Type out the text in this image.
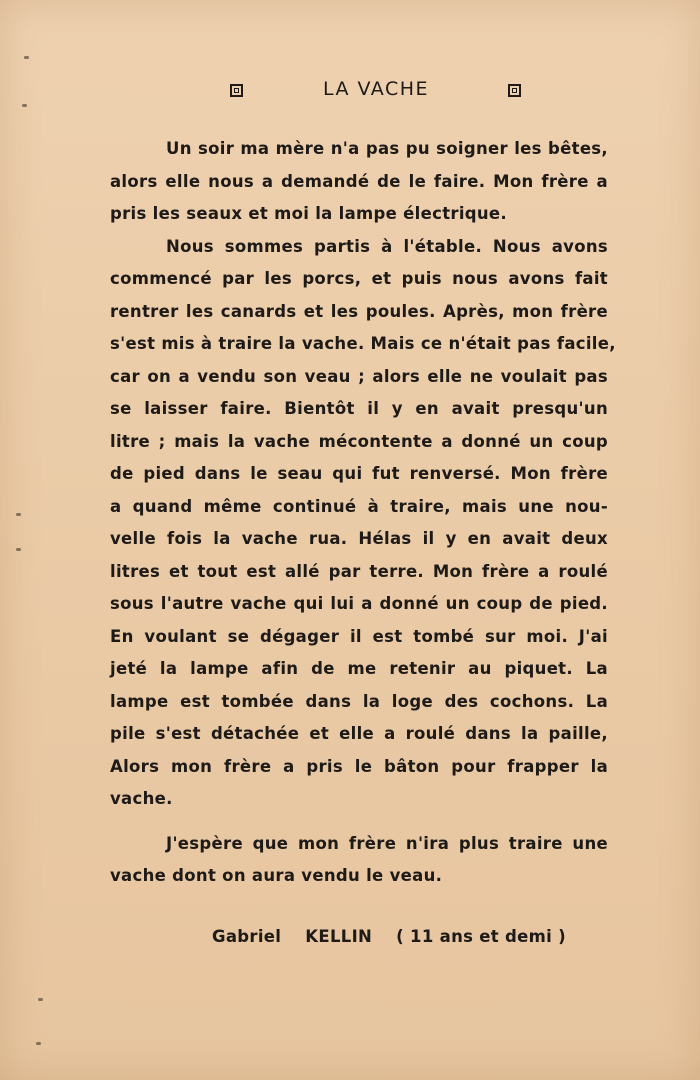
LA VACHE
Un soir ma mère n'a pas pu soigner les bêtes,
alors elle nous a demandé de le faire. Mon frère a
pris les seaux et moi la lampe électrique.
Nous sommes partis à l'étable. Nous avons
commencé par les porcs, et puis nous avons fait
rentrer les canards et les poules. Après, mon frère
s'est mis à traire la vache. Mais ce n'était pas facile,
car on a vendu son veau ; alors elle ne voulait pas
se laisser faire. Bientôt il y en avait presqu'un
litre ; mais la vache mécontente a donné un coup
de pied dans le seau qui fut renversé. Mon frère
a quand même continué à traire, mais une nou-
velle fois la vache rua. Hélas il y en avait deux
litres et tout est allé par terre. Mon frère a roulé
sous l'autre vache qui lui a donné un coup de pied.
En voulant se dégager il est tombé sur moi. J'ai
jeté la lampe afin de me retenir au piquet. La
lampe est tombée dans la loge des cochons. La
pile s'est détachée et elle a roulé dans la paille,
Alors mon frère a pris le bâton pour frapper la
vache.
J'espère que mon frère n'ira plus traire une
vache dont on aura vendu le veau.
Gabriel KELLIN ( 11 ans et demi )
